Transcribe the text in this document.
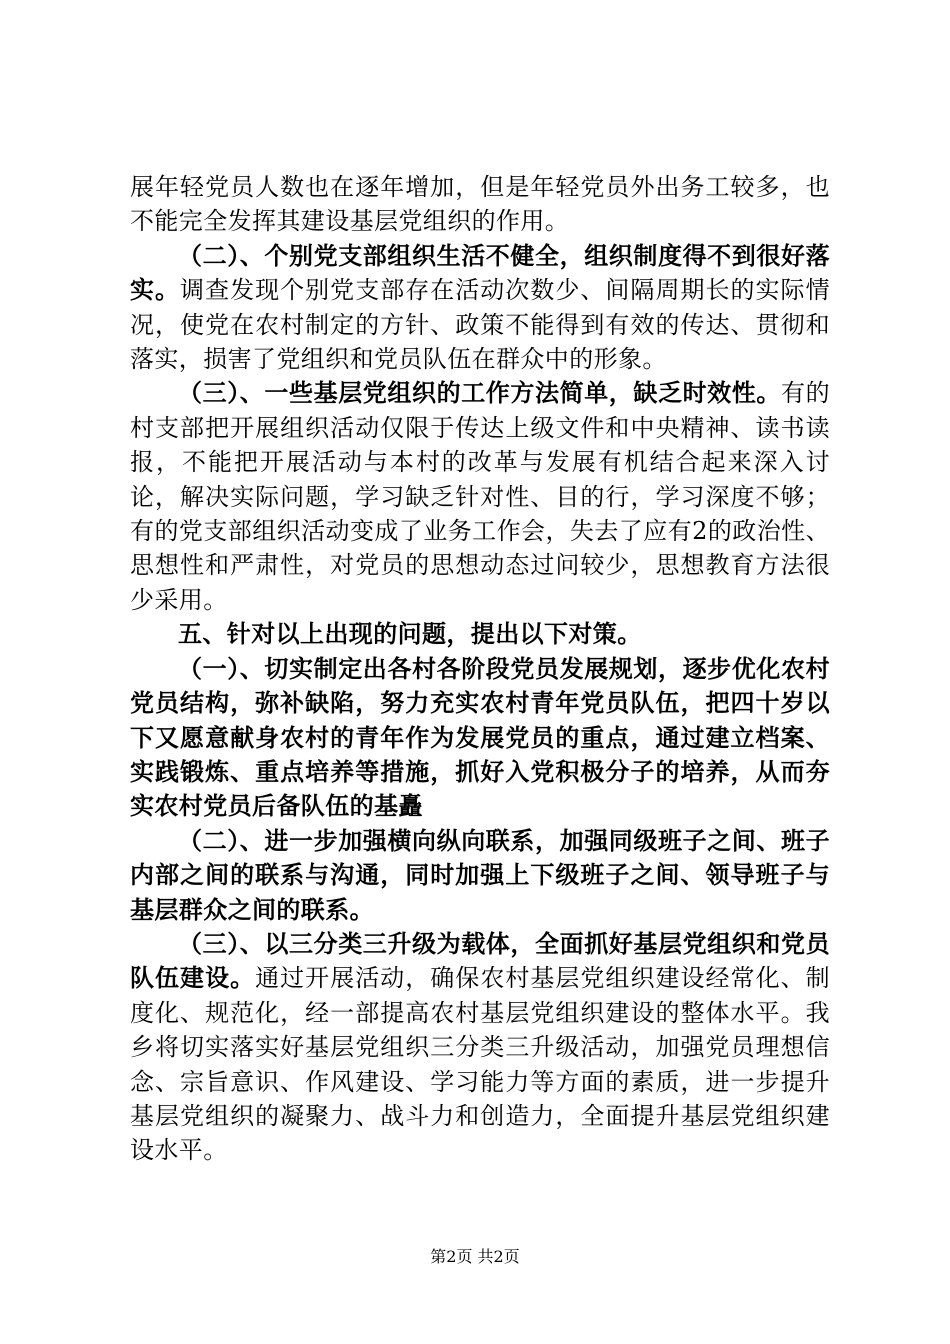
展年轻党员人数也在逐年增加，但是年轻党员外出务工较多，也不能完全发挥其建设基层党组织的作用。

（二）、个别党支部组织生活不健全，组织制度得不到很好落实。调查发现个别党支部存在活动次数少、间隔周期长的实际情况，使党在农村制定的方针、政策不能得到有效的传达、贯彻和落实，损害了党组织和党员队伍在群众中的形象。

（三）、一些基层党组织的工作方法简单，缺乏时效性。有的村支部把开展组织活动仅限于传达上级文件和中央精神、读书读报，不能把开展活动与本村的改革与发展有机结合起来深入讨论，解决实际问题，学习缺乏针对性、目的行，学习深度不够；有的党支部组织活动变成了业务工作会，失去了应有2的政治性、思想性和严肃性，对党员的思想动态过问较少，思想教育方法很少采用。

五、针对以上出现的问题，提出以下对策。

（一）、切实制定出各村各阶段党员发展规划，逐步优化农村党员结构，弥补缺陷，努力充实农村青年党员队伍，把四十岁以下又愿意献身农村的青年作为发展党员的重点，通过建立档案、实践锻炼、重点培养等措施，抓好入党积极分子的培养，从而夯实农村党员后备队伍的基矗

（二）、进一步加强横向纵向联系，加强同级班子之间、班子内部之间的联系与沟通，同时加强上下级班子之间、领导班子与基层群众之间的联系。

（三）、以三分类三升级为载体，全面抓好基层党组织和党员队伍建设。通过开展活动，确保农村基层党组织建设经常化、制度化、规范化，经一部提高农村基层党组织建设的整体水平。我乡将切实落实好基层党组织三分类三升级活动，加强党员理想信念、宗旨意识、作风建设、学习能力等方面的素质，进一步提升基层党组织的凝聚力、战斗力和创造力，全面提升基层党组织建设水平。

第2页 共2页
